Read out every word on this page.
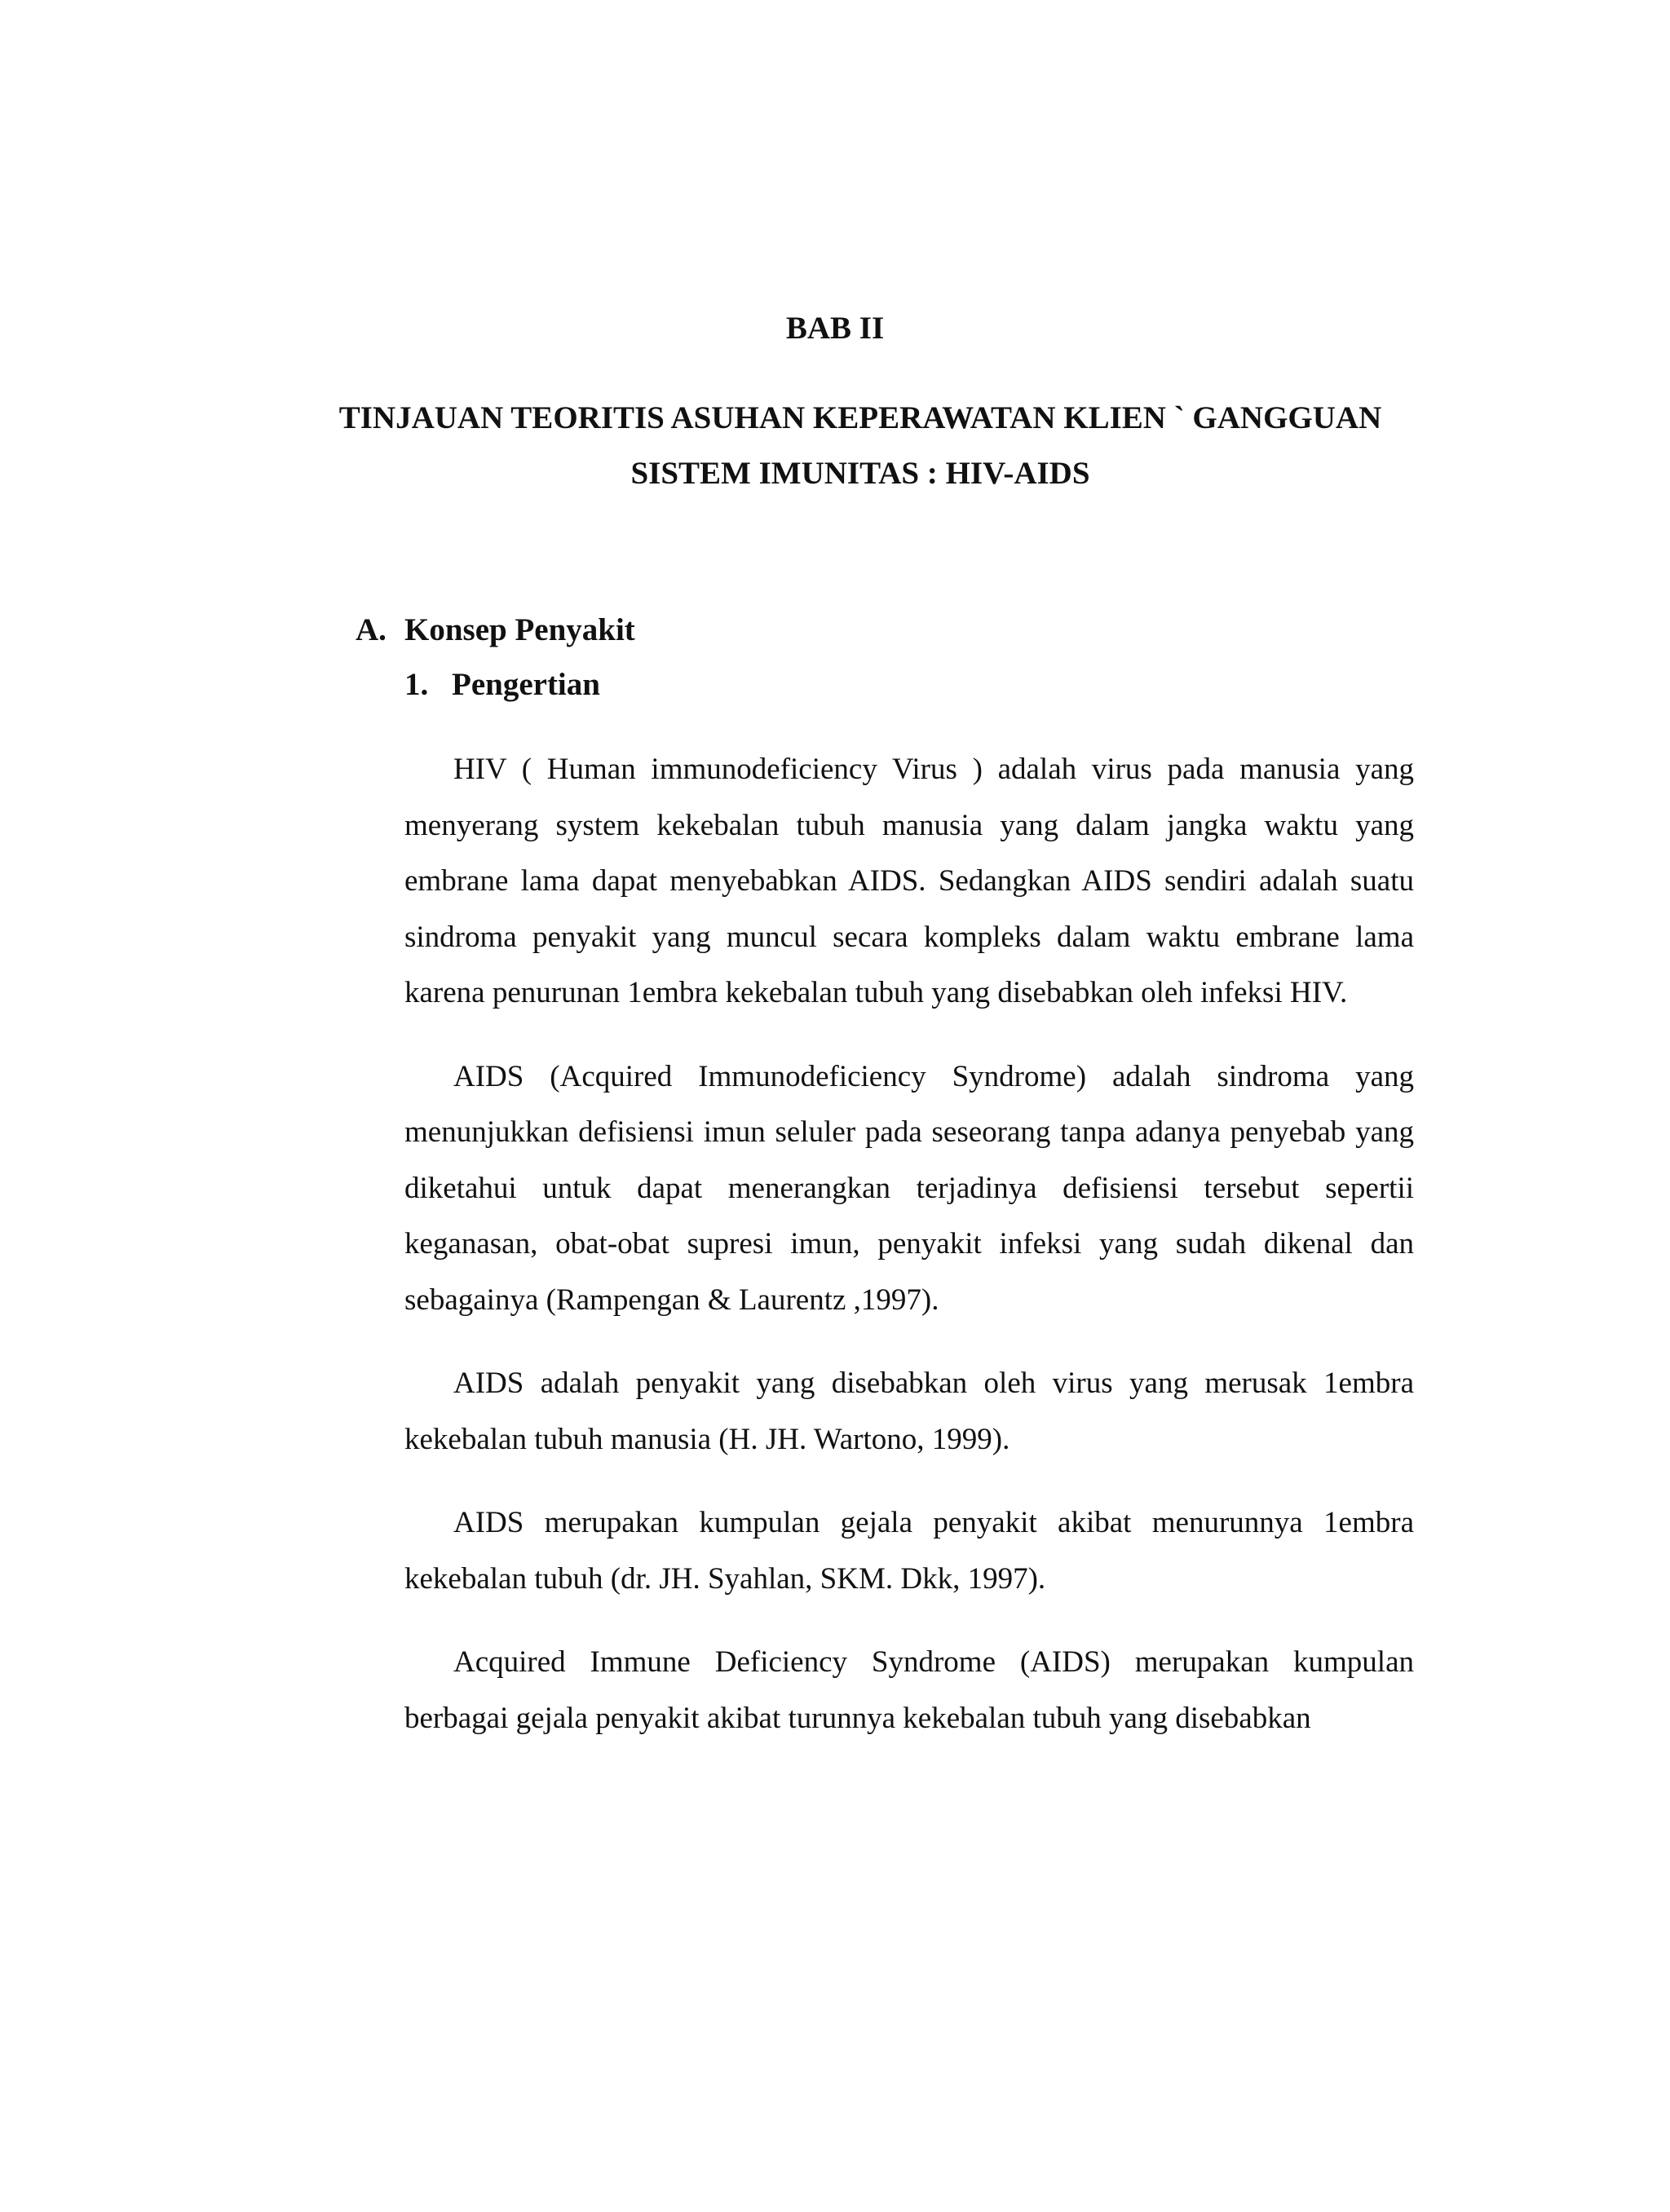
BAB II
TINJAUAN TEORITIS ASUHAN KEPERAWATAN KLIEN ` GANGGUAN SISTEM IMUNITAS : HIV-AIDS
A. Konsep Penyakit
1. Pengertian

HIV ( Human immunodeficiency Virus ) adalah virus pada manusia yang menyerang system kekebalan tubuh manusia yang dalam jangka waktu yang embrane lama dapat menyebabkan AIDS. Sedangkan AIDS sendiri adalah suatu sindroma penyakit yang muncul secara kompleks dalam waktu embrane lama karena penurunan 1embra kekebalan tubuh yang disebabkan oleh infeksi HIV.

AIDS (Acquired Immunodeficiency Syndrome) adalah sindroma yang menunjukkan defisiensi imun seluler pada seseorang tanpa adanya penyebab yang diketahui untuk dapat menerangkan terjadinya defisiensi tersebut sepertii keganasan, obat-obat supresi imun, penyakit infeksi yang sudah dikenal dan sebagainya (Rampengan & Laurentz ,1997).

AIDS adalah penyakit yang disebabkan oleh virus yang merusak 1embra kekebalan tubuh manusia (H. JH. Wartono, 1999).

AIDS merupakan kumpulan gejala penyakit akibat menurunnya 1embra kekebalan tubuh (dr. JH. Syahlan, SKM. Dkk, 1997).

Acquired Immune Deficiency Syndrome (AIDS) merupakan kumpulan berbagai gejala penyakit akibat turunnya kekebalan tubuh yang disebabkan
